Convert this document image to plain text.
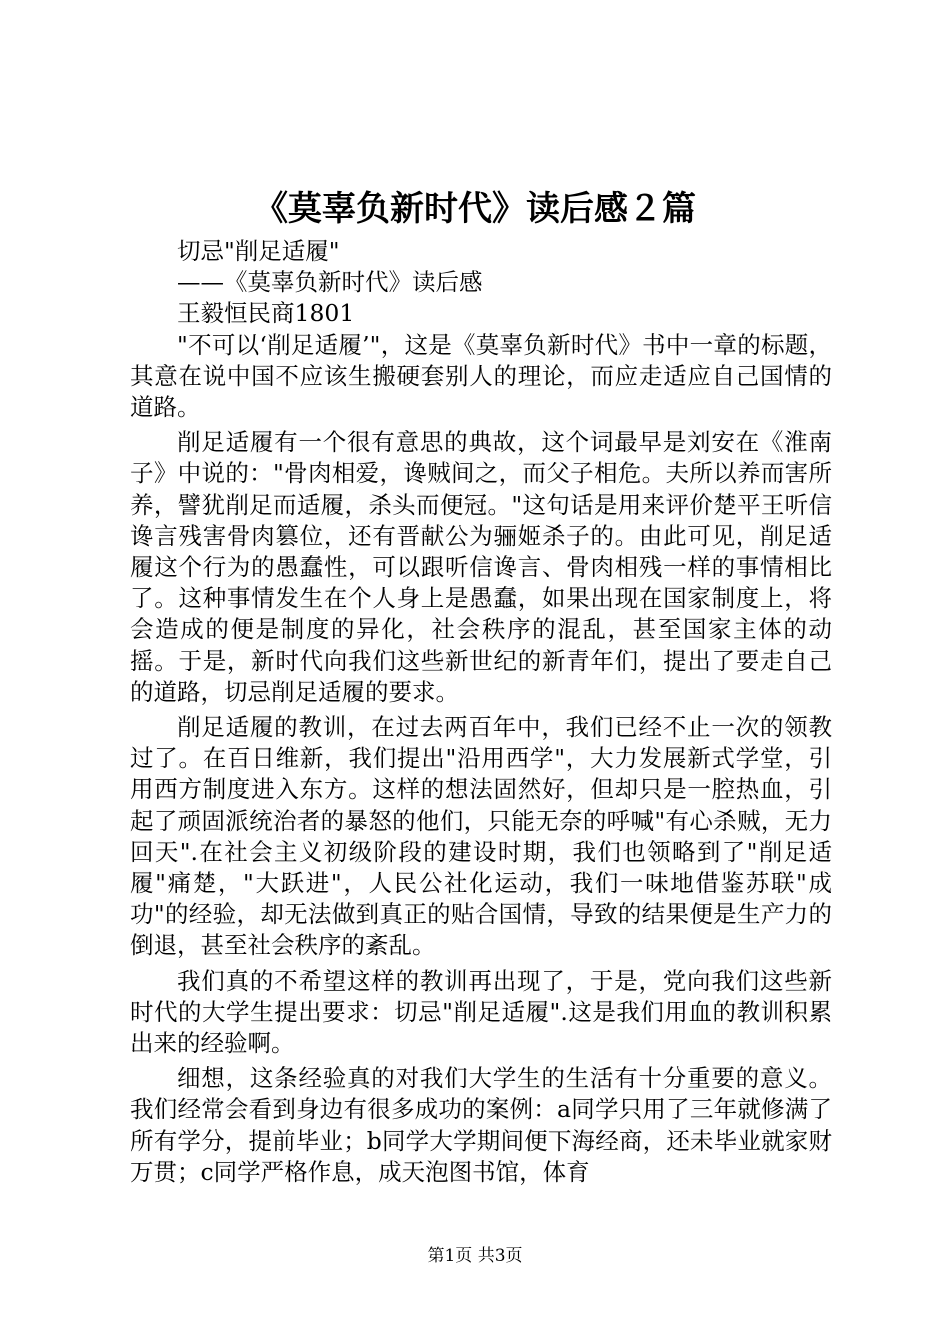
《莫辜负新时代》读后感２篇

切忌"削足适履"

——《莫辜负新时代》读后感

王毅恒民商1801

"不可以‘削足适履’"，这是《莫辜负新时代》书中一章的标题，其意在说中国不应该生搬硬套别人的理论，而应走适应自己国情的道路。

削足适履有一个很有意思的典故，这个词最早是刘安在《淮南子》中说的："骨肉相爱，谗贼间之，而父子相危。夫所以养而害所养，譬犹削足而适履，杀头而便冠。"这句话是用来评价楚平王听信谗言残害骨肉篡位，还有晋献公为骊姬杀子的。由此可见，削足适履这个行为的愚蠢性，可以跟听信谗言、骨肉相残一样的事情相比了。这种事情发生在个人身上是愚蠢，如果出现在国家制度上，将会造成的便是制度的异化，社会秩序的混乱，甚至国家主体的动摇。于是，新时代向我们这些新世纪的新青年们，提出了要走自己的道路，切忌削足适履的要求。

削足适履的教训，在过去两百年中，我们已经不止一次的领教过了。在百日维新，我们提出"沿用西学"，大力发展新式学堂，引用西方制度进入东方。这样的想法固然好，但却只是一腔热血，引起了顽固派统治者的暴怒的他们，只能无奈的呼喊"有心杀贼，无力回天".在社会主义初级阶段的建设时期，我们也领略到了"削足适履"痛楚，"大跃进"，人民公社化运动，我们一味地借鉴苏联"成功"的经验，却无法做到真正的贴合国情，导致的结果便是生产力的倒退，甚至社会秩序的紊乱。

我们真的不希望这样的教训再出现了，于是，党向我们这些新时代的大学生提出要求：切忌"削足适履".这是我们用血的教训积累出来的经验啊。

细想，这条经验真的对我们大学生的生活有十分重要的意义。我们经常会看到身边有很多成功的案例：a同学只用了三年就修满了所有学分，提前毕业；b同学大学期间便下海经商，还未毕业就家财万贯；c同学严格作息，成天泡图书馆，体育

第1页 共3页
